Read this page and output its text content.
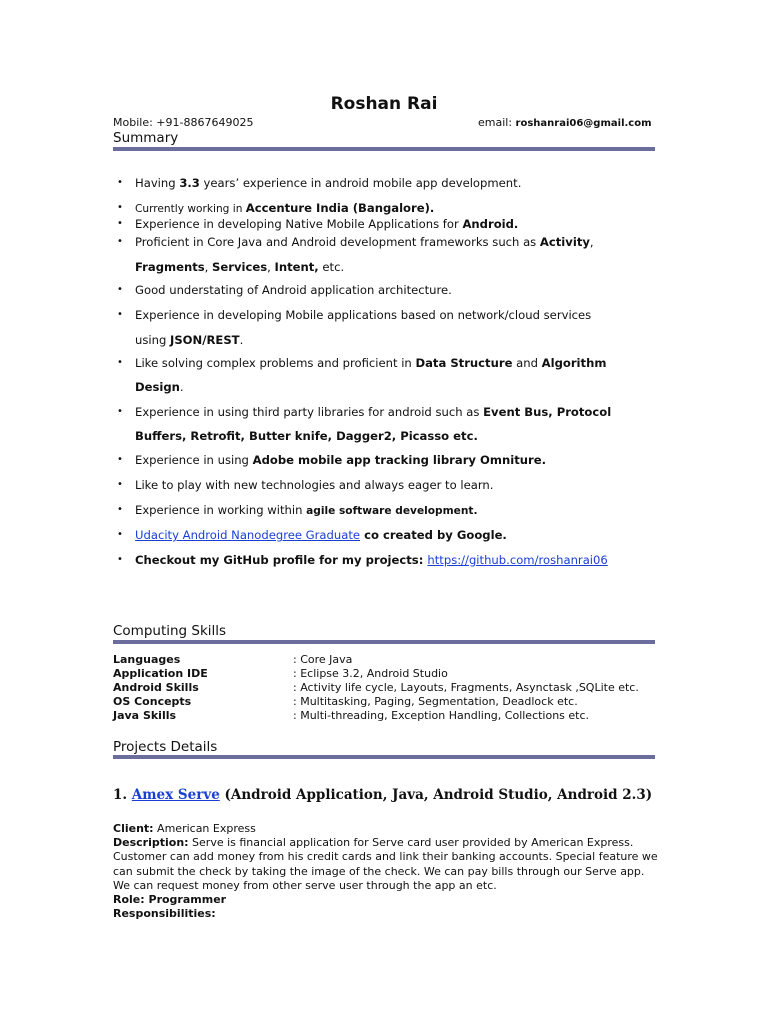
Roshan Rai
Mobile: +91-8867649025	email: roshanrai06@gmail.com
Summary
• Having 3.3 years’ experience in android mobile app development.
• Currently working in Accenture India (Bangalore).
• Experience in developing Native Mobile Applications for Android.
• Proficient in Core Java and Android development frameworks such as Activity,
Fragments, Services, Intent, etc.
• Good understating of Android application architecture.
• Experience in developing Mobile applications based on network/cloud services
using JSON/REST.
• Like solving complex problems and proficient in Data Structure and Algorithm
Design.
• Experience in using third party libraries for android such as Event Bus, Protocol
Buffers, Retrofit, Butter knife, Dagger2, Picasso etc.
• Experience in using Adobe mobile app tracking library Omniture.
• Like to play with new technologies and always eager to learn.
• Experience in working within agile software development.
• Udacity Android Nanodegree Graduate co created by Google.
• Checkout my GitHub profile for my projects: https://github.com/roshanrai06
Computing Skills
Languages	: Core Java
Application IDE	: Eclipse 3.2, Android Studio
Android Skills	: Activity life cycle, Layouts, Fragments, Asynctask ,SQLite etc.
OS Concepts	: Multitasking, Paging, Segmentation, Deadlock etc.
Java Skills	: Multi-threading, Exception Handling, Collections etc.
Projects Details
1. Amex Serve (Android Application, Java, Android Studio, Android 2.3)
Client: American Express
Description: Serve is financial application for Serve card user provided by American Express. Customer can add money from his credit cards and link their banking accounts. Special feature we can submit the check by taking the image of the check. We can pay bills through our Serve app. We can request money from other serve user through the app an etc.
Role: Programmer
Responsibilities:
